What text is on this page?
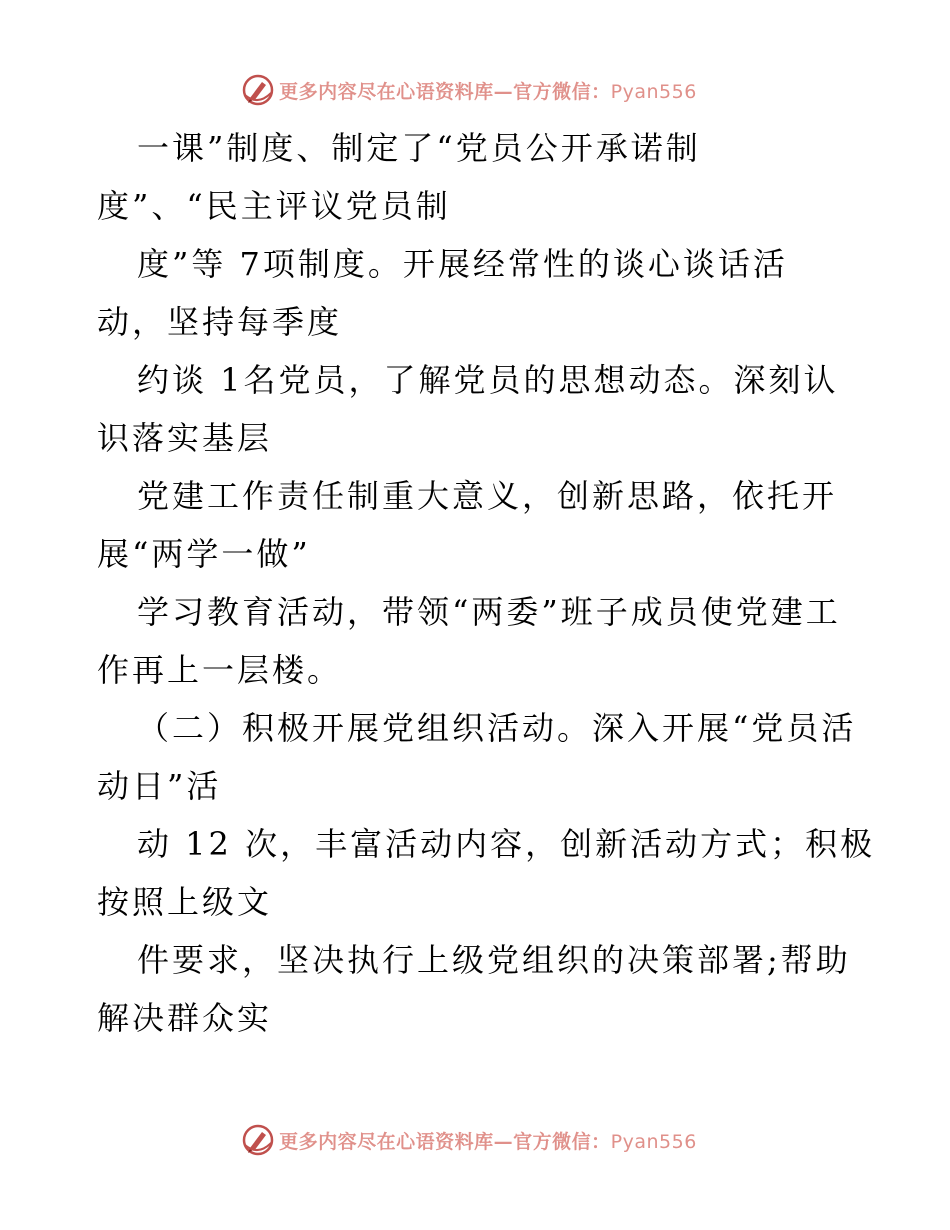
更多内容尽在心语资料库—官方微信：Pyan556
一课”制度、制定了“党员公开承诺制
度”、“民主评议党员制
度”等 7项制度。开展经常性的谈心谈话活
动，坚持每季度
约谈 1名党员，了解党员的思想动态。深刻认
识落实基层
党建工作责任制重大意义，创新思路，依托开
展“两学一做”
学习教育活动，带领“两委”班子成员使党建工
作再上一层楼。
（二）积极开展党组织活动。深入开展“党员活
动日”活
动 12 次，丰富活动内容，创新活动方式；积极
按照上级文
件要求，坚决执行上级党组织的决策部署;帮助
解决群众实
更多内容尽在心语资料库—官方微信：Pyan556
